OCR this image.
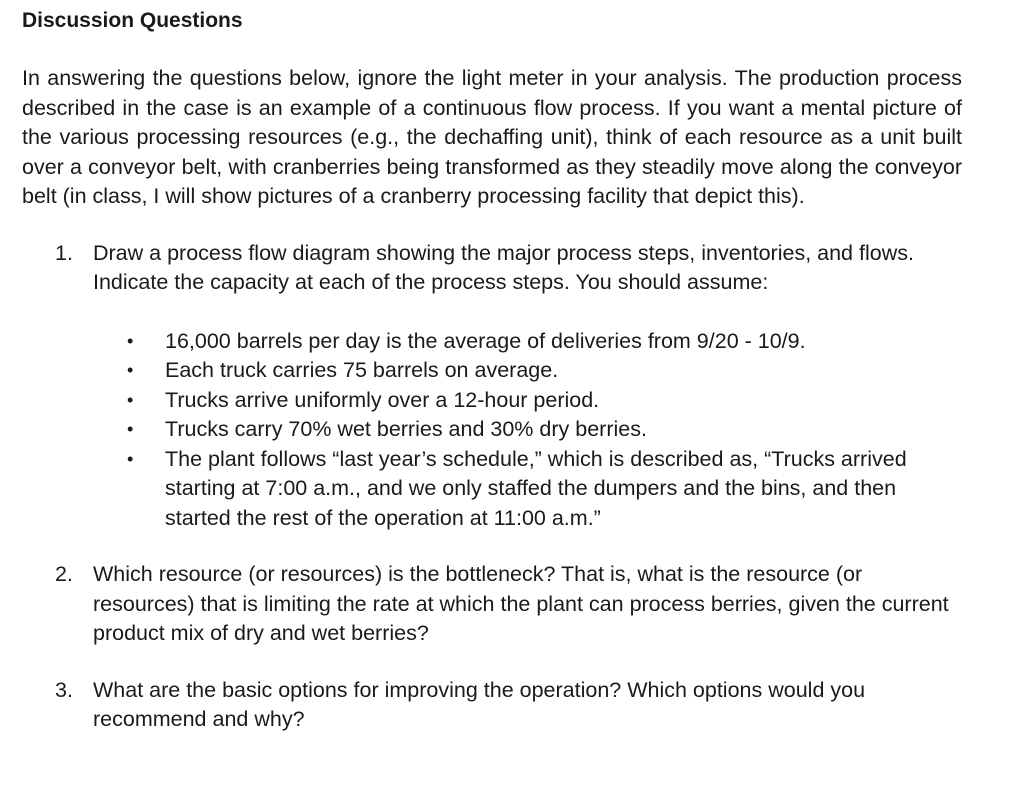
Discussion Questions

In answering the questions below, ignore the light meter in your analysis. The production process described in the case is an example of a continuous flow process. If you want a mental picture of the various processing resources (e.g., the dechaffing unit), think of each resource as a unit built over a conveyor belt, with cranberries being transformed as they steadily move along the conveyor belt (in class, I will show pictures of a cranberry processing facility that depict this).

1. Draw a process flow diagram showing the major process steps, inventories, and flows. Indicate the capacity at each of the process steps. You should assume:
• 16,000 barrels per day is the average of deliveries from 9/20 - 10/9.
• Each truck carries 75 barrels on average.
• Trucks arrive uniformly over a 12-hour period.
• Trucks carry 70% wet berries and 30% dry berries.
• The plant follows “last year’s schedule,” which is described as, “Trucks arrived starting at 7:00 a.m., and we only staffed the dumpers and the bins, and then started the rest of the operation at 11:00 a.m.”
2. Which resource (or resources) is the bottleneck? That is, what is the resource (or resources) that is limiting the rate at which the plant can process berries, given the current product mix of dry and wet berries?
3. What are the basic options for improving the operation? Which options would you recommend and why?
